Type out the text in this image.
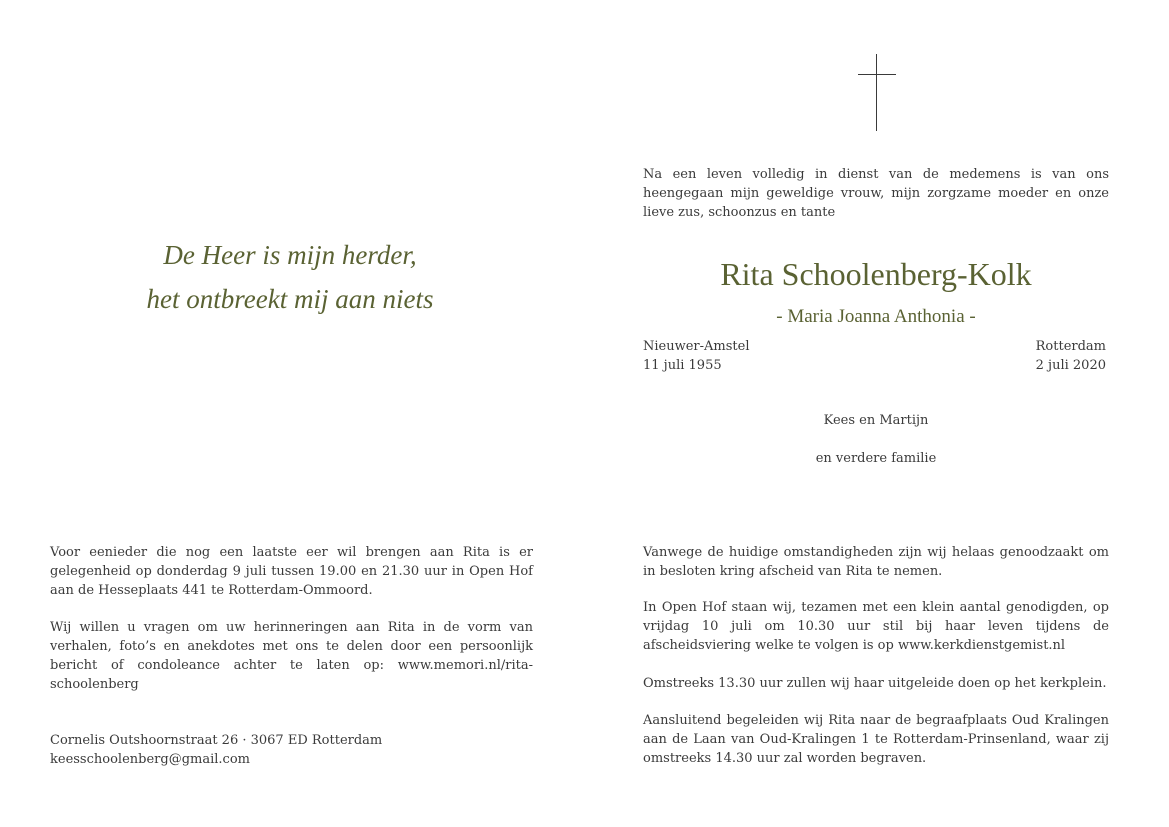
De Heer is mijn herder,
het ontbreekt mij aan niets

Voor eenieder die nog een laatste eer wil brengen aan Rita is er gelegenheid op donderdag 9 juli tussen 19.00 en 21.30 uur in Open Hof aan de Hesseplaats 441 te Rotterdam-Ommoord.

Wij willen u vragen om uw herinneringen aan Rita in de vorm van verhalen, foto’s en anekdotes met ons te delen door een persoonlijk bericht of condoleance achter te laten op: www.memori.nl/rita-schoolenberg

Cornelis Outshoornstraat 26 · 3067 ED Rotterdam
keesschoolenberg@gmail.com
Na een leven volledig in dienst van de medemens is van ons heengegaan mijn geweldige vrouw, mijn zorgzame moeder en onze lieve zus, schoonzus en tante
Rita Schoolenberg-Kolk
- Maria Joanna Anthonia -
Nieuwer-Amstel
11 juli 1955
Rotterdam
2 juli 2020
Kees en Martijn
en verdere familie

Vanwege de huidige omstandigheden zijn wij helaas genoodzaakt om in besloten kring afscheid van Rita te nemen.

In Open Hof staan wij, tezamen met een klein aantal genodigden, op vrijdag 10 juli om 10.30 uur stil bij haar leven tijdens de afscheidsviering welke te volgen is op www.kerkdienstgemist.nl

Omstreeks 13.30 uur zullen wij haar uitgeleide doen op het kerkplein.

Aansluitend begeleiden wij Rita naar de begraafplaats Oud Kralingen aan de Laan van Oud-Kralingen 1 te Rotterdam-Prinsenland, waar zij omstreeks 14.30 uur zal worden begraven.
